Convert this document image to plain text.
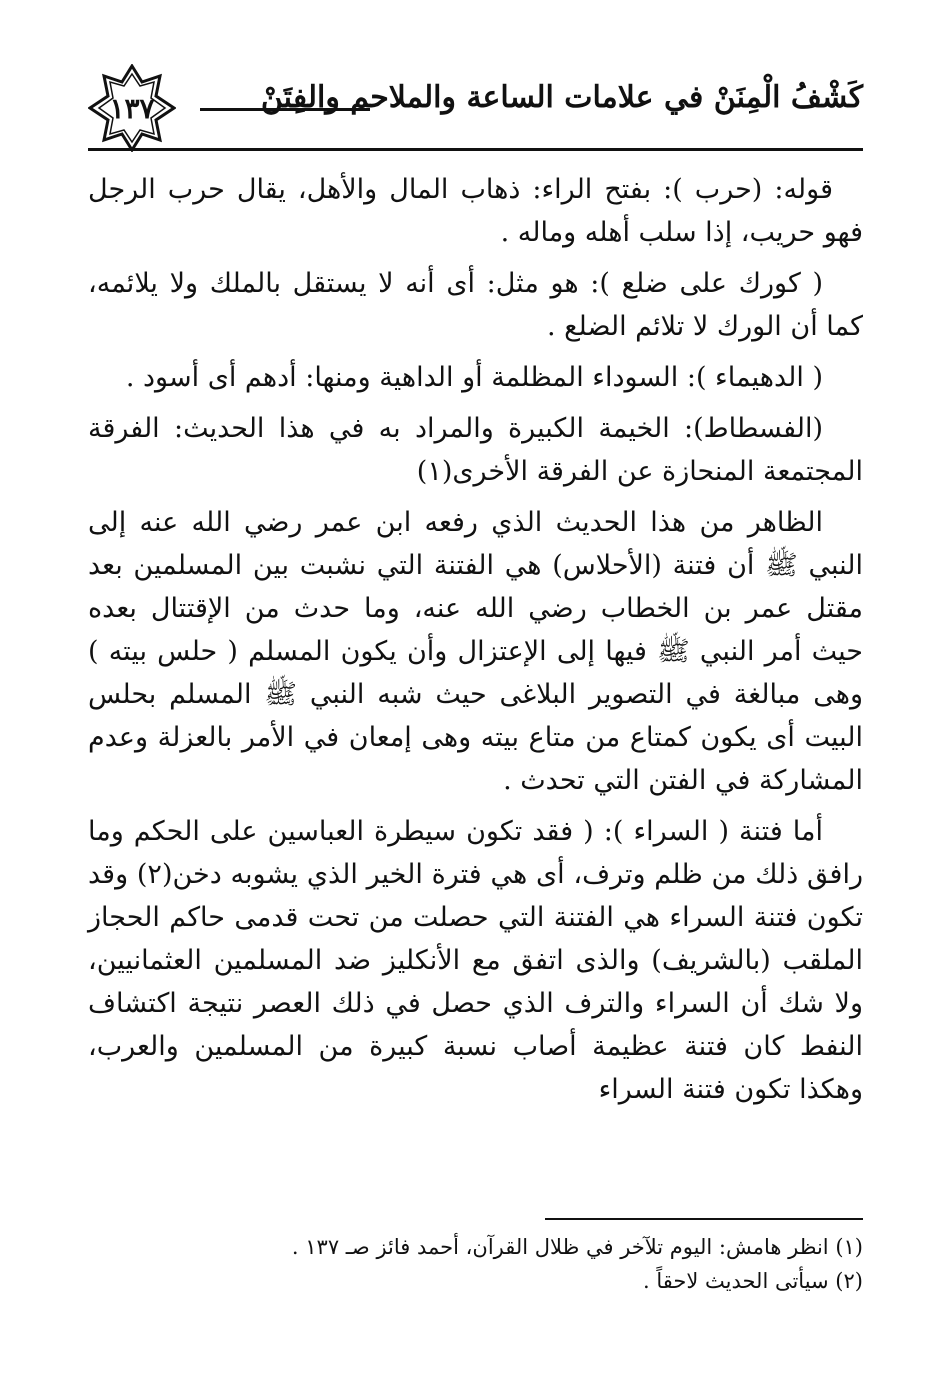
١٣٧	كَشْفُ الْمِنَنْ في علامات الساعة والملاحم والفِتَنْ

قوله: (حرب ): بفتح الراء: ذهاب المال والأهل، يقال حرب الرجل فهو حريب، إذا سلب أهله وماله .

( كورك على ضلع ): هو مثل: أى أنه لا يستقل بالملك ولا يلائمه، كما أن الورك لا تلائم الضلع .

( الدهيماء ): السوداء المظلمة أو الداهية ومنها: أدهم أى أسود .

(الفسطاط): الخيمة الكبيرة والمراد به في هذا الحديث: الفرقة المجتمعة المنحازة عن الفرقة الأخرى(١)

الظاهر من هذا الحديث الذي رفعه ابن عمر رضي الله عنه إلى النبي ﷺ أن فتنة (الأحلاس) هي الفتنة التي نشبت بين المسلمين بعد مقتل عمر بن الخطاب رضي الله عنه، وما حدث من الإقتتال بعده حيث أمر النبي ﷺ فيها إلى الإعتزال وأن يكون المسلم ( حلس بيته ) وهى مبالغة في التصوير البلاغى حيث شبه النبي ﷺ المسلم بحلس البيت أى يكون كمتاع من متاع بيته وهى إمعان في الأمر بالعزلة وعدم المشاركة في الفتن التي تحدث .

أما فتنة ( السراء ): ( فقد تكون سيطرة العباسين على الحكم وما رافق ذلك من ظلم وترف، أى هي فترة الخير الذي يشوبه دخن(٢) وقد تكون فتنة السراء هي الفتنة التي حصلت من تحت قدمى حاكم الحجاز الملقب (بالشريف) والذى اتفق مع الأنكليز ضد المسلمين العثمانيين، ولا شك أن السراء والترف الذي حصل في ذلك العصر نتيجة اكتشاف النفط كان فتنة عظيمة أصاب نسبة كبيرة من المسلمين والعرب، وهكذا تكون فتنة السراء

(١) انظر هامش: اليوم تلآخر في ظلال القرآن، أحمد فائز صـ ١٣٧ .
(٢) سيأتى الحديث لاحقاً .
